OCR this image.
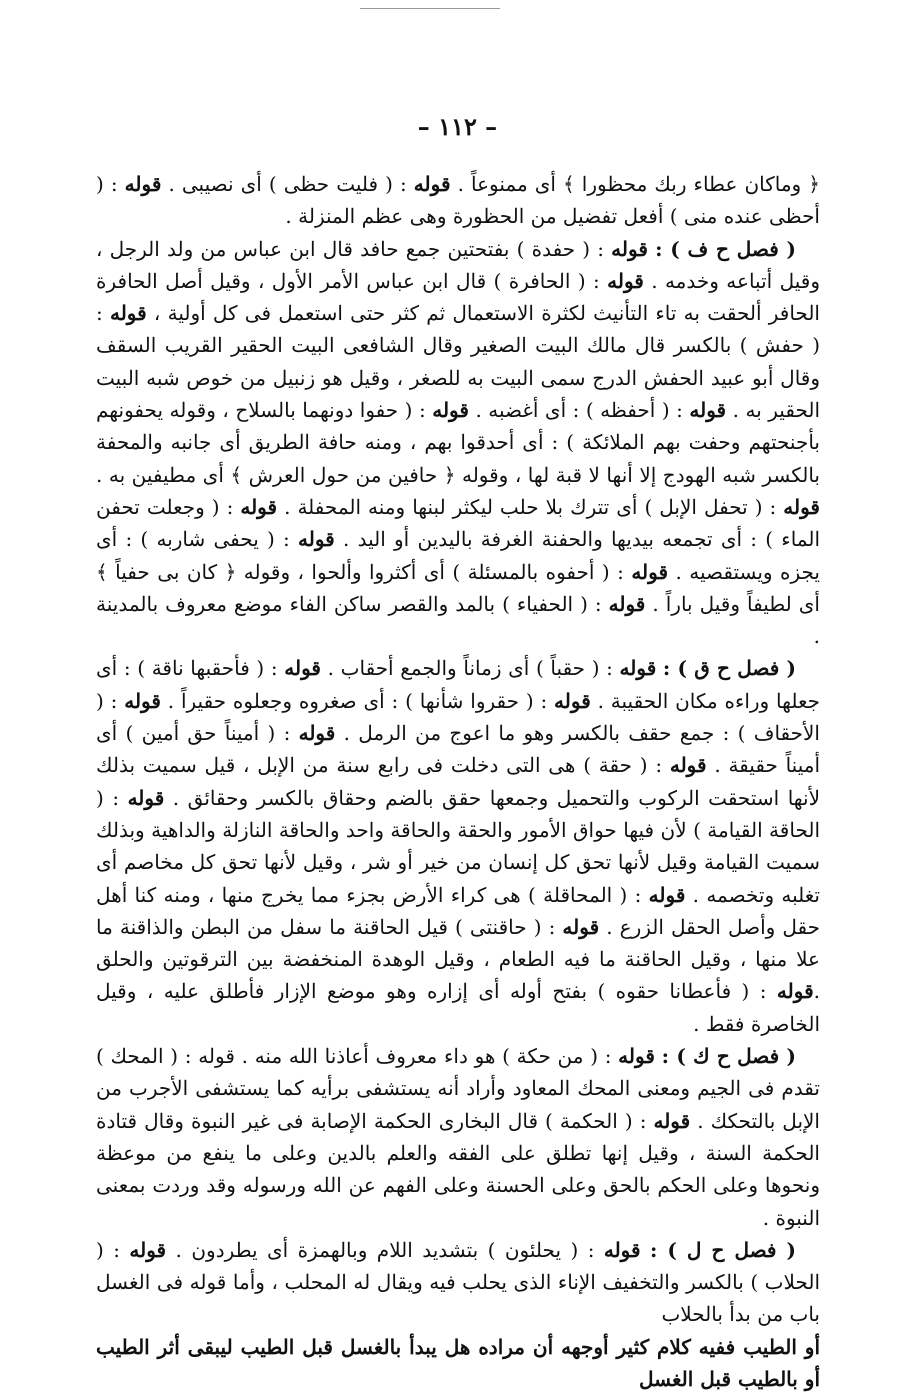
– ١١٢ –

﴿ وماكان عطاء ربك محظورا ﴾ أى ممنوعاً . قوله : ( فليت حظى ) أى نصيبى . قوله : ( أحظى عنده منى ) أفعل تفضيل من الحظورة وهى عظم المنزلة .

( فصل ح ف ) : قوله : ( حفدة ) بفتحتين جمع حافد قال ابن عباس من ولد الرجل ، وقيل أتباعه وخدمه . قوله : ( الحافرة ) قال ابن عباس الأمر الأول ، وقيل أصل الحافرة الحافر ألحقت به تاء التأنيث لكثرة الاستعمال ثم كثر حتى استعمل فى كل أولية ، قوله : ( حفش ) بالكسر قال مالك البيت الصغير وقال الشافعى البيت الحقير القريب السقف وقال أبو عبيد الحفش الدرج سمى البيت به للصغر ، وقيل هو زنبيل من خوص شبه البيت الحقير به . قوله : ( أحفظه ) : أى أغضبه . قوله : ( حفوا دونهما بالسلاح ، وقوله يحفونهم بأجنحتهم وحفت بهم الملائكة ) : أى أحدقوا بهم ، ومنه حافة الطريق أى جانبه والمحفة بالكسر شبه الهودج إلا أنها لا قبة لها ، وقوله ﴿ حافين من حول العرش ﴾ أى مطيفين به . قوله : ( تحفل الإبل ) أى تترك بلا حلب ليكثر لبنها ومنه المحفلة . قوله : ( وجعلت تحفن الماء ) : أى تجمعه بيديها والحفنة الغرفة باليدين أو اليد . قوله : ( يحفى شاربه ) : أى يجزه ويستقصيه . قوله : ( أحفوه بالمسئلة ) أى أكثروا وألحوا ، وقوله ﴿ كان بى حفياً ﴾ أى لطيفاً وقيل باراً . قوله : ( الحفياء ) بالمد والقصر ساكن الفاء موضع معروف بالمدينة .

( فصل ح ق ) : قوله : ( حقباً ) أى زماناً والجمع أحقاب . قوله : ( فأحقبها ناقة ) : أى جعلها وراءه مكان الحقيبة . قوله : ( حقروا شأنها ) : أى صغروه وجعلوه حقيراً . قوله : ( الأحقاف ) : جمع حقف بالكسر وهو ما اعوج من الرمل . قوله : ( أميناً حق أمين ) أى أميناً حقيقة . قوله : ( حقة ) هى التى دخلت فى رابع سنة من الإبل ، قيل سميت بذلك لأنها استحقت الركوب والتحميل وجمعها حقق بالضم وحقاق بالكسر وحقائق . قوله : ( الحاقة القيامة ) لأن فيها حواق الأمور والحقة والحاقة واحد والحاقة النازلة والداهية وبذلك سميت القيامة وقيل لأنها تحق كل إنسان من خير أو شر ، وقيل لأنها تحق كل مخاصم أى تغلبه وتخصمه . قوله : ( المحاقلة ) هى كراء الأرض بجزء مما يخرج منها ، ومنه كنا أهل حقل وأصل الحقل الزرع . قوله : ( حاقنتى ) قيل الحاقنة ما سفل من البطن والذاقنة ما علا منها ، وقيل الحاقنة ما فيه الطعام ، وقيل الوهدة المنخفضة بين الترقوتين والحلق .قوله : ( فأعطانا حقوه ) بفتح أوله أى إزاره وهو موضع الإزار فأطلق عليه ، وقيل الخاصرة فقط .

( فصل ح ك ) : قوله : ( من حكة ) هو داء معروف أعاذنا الله منه . قوله : ( المحك ) تقدم فى الجيم ومعنى المحك المعاود وأراد أنه يستشفى برأيه كما يستشفى الأجرب من الإبل بالتحكك . قوله : ( الحكمة ) قال البخارى الحكمة الإصابة فى غير النبوة وقال قتادة الحكمة السنة ، وقيل إنها تطلق على الفقه والعلم بالدين وعلى ما ينفع من موعظة ونحوها وعلى الحكم بالحق وعلى الحسنة وعلى الفهم عن الله ورسوله وقد وردت بمعنى النبوة .

( فصل ح ل ) : قوله : ( يحلئون ) بتشديد اللام وبالهمزة أى يطردون . قوله : ( الحلاب ) بالكسر والتخفيف الإناء الذى يحلب فيه ويقال له المحلب ، وأما قوله فى الغسل باب من بدأ بالحلاب

أو الطيب ففيه كلام كثير أوجهه أن مراده هل يبدأ بالغسل قبل الطيب ليبقى أثر الطيب أو بالطيب قبل الغسل
